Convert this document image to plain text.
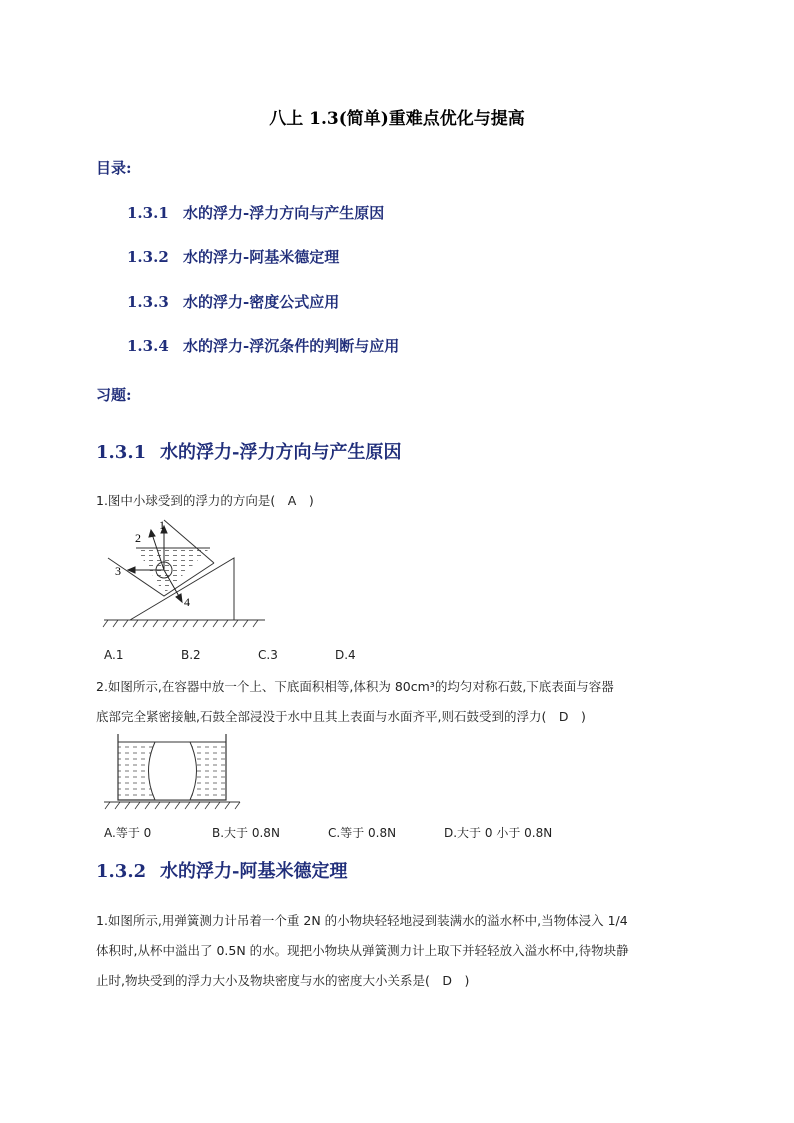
八上 1.3(简单)重难点优化与提高
目录:
1.3.1 水的浮力-浮力方向与产生原因
1.3.2 水的浮力-阿基米德定理
1.3.3 水的浮力-密度公式应用
1.3.4 水的浮力-浮沉条件的判断与应用
习题:
1.3.1 水的浮力-浮力方向与产生原因
1.图中小球受到的浮力的方向是(　A　)
1
2
3
4
A.1	B.2	C.3	D.4
2.如图所示,在容器中放一个上、下底面积相等,体积为 80cm³的均匀对称石鼓,下底表面与容器
底部完全紧密接触,石鼓全部浸没于水中且其上表面与水面齐平,则石鼓受到的浮力(　D　)
A.等于 0	B.大于 0.8N	C.等于 0.8N	D.大于 0 小于 0.8N
1.3.2 水的浮力-阿基米德定理
1.如图所示,用弹簧测力计吊着一个重 2N 的小物块轻轻地浸到装满水的溢水杯中,当物体浸入 1/4
体积时,从杯中溢出了 0.5N 的水。现把小物块从弹簧测力计上取下并轻轻放入溢水杯中,待物块静
止时,物块受到的浮力大小及物块密度与水的密度大小关系是(　D　)
